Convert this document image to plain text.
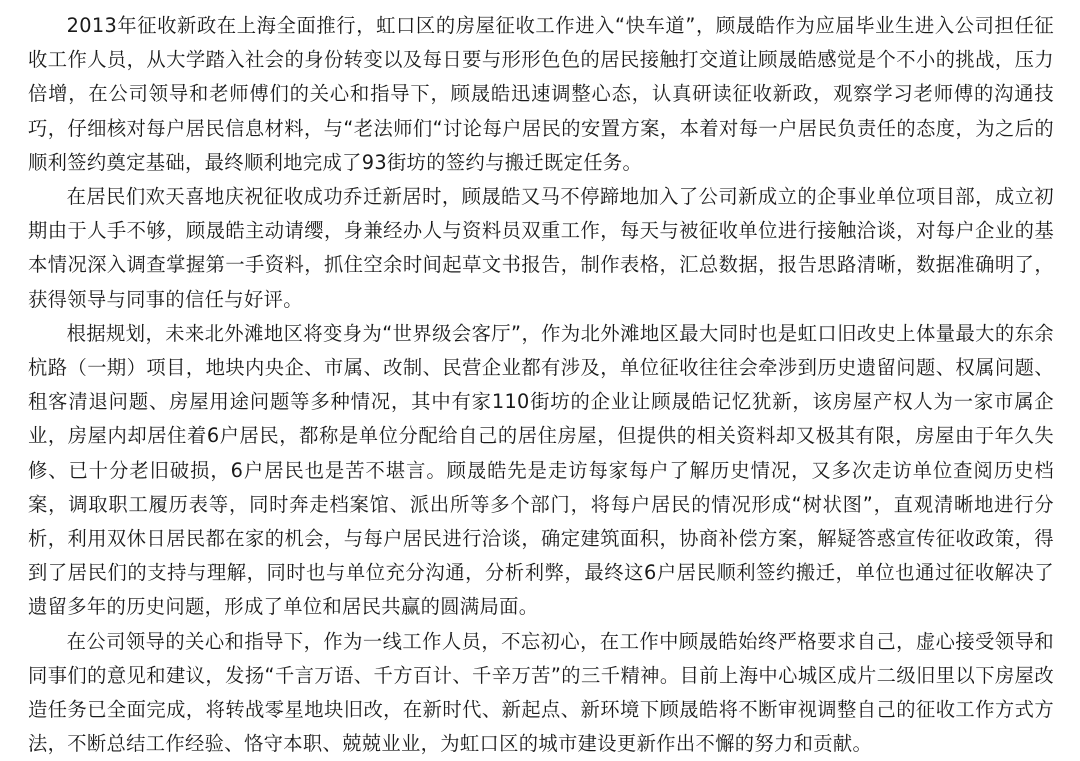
2013年征收新政在上海全面推行，虹口区的房屋征收工作进入“快车道”，顾晟皓作为应届毕业生进入公司担任征收工作人员，从大学踏入社会的身份转变以及每日要与形形色色的居民接触打交道让顾晟皓感觉是个不小的挑战，压力倍增，在公司领导和老师傅们的关心和指导下，顾晟皓迅速调整心态，认真研读征收新政，观察学习老师傅的沟通技巧，仔细核对每户居民信息材料，与“老法师们“讨论每户居民的安置方案，本着对每一户居民负责任的态度，为之后的顺利签约奠定基础，最终顺利地完成了93街坊的签约与搬迁既定任务。

在居民们欢天喜地庆祝征收成功乔迁新居时，顾晟皓又马不停蹄地加入了公司新成立的企事业单位项目部，成立初期由于人手不够，顾晟皓主动请缨，身兼经办人与资料员双重工作，每天与被征收单位进行接触洽谈，对每户企业的基本情况深入调查掌握第一手资料，抓住空余时间起草文书报告，制作表格，汇总数据，报告思路清晰，数据准确明了，获得领导与同事的信任与好评。

根据规划，未来北外滩地区将变身为“世界级会客厅”，作为北外滩地区最大同时也是虹口旧改史上体量最大的东余杭路（一期）项目，地块内央企、市属、改制、民营企业都有涉及，单位征收往往会牵涉到历史遗留问题、权属问题、租客清退问题、房屋用途问题等多种情况，其中有家110街坊的企业让顾晟皓记忆犹新，该房屋产权人为一家市属企业，房屋内却居住着6户居民，都称是单位分配给自己的居住房屋，但提供的相关资料却又极其有限，房屋由于年久失修、已十分老旧破损，6户居民也是苦不堪言。顾晟皓先是走访每家每户了解历史情况，又多次走访单位查阅历史档案，调取职工履历表等，同时奔走档案馆、派出所等多个部门，将每户居民的情况形成“树状图”，直观清晰地进行分析，利用双休日居民都在家的机会，与每户居民进行洽谈，确定建筑面积，协商补偿方案，解疑答惑宣传征收政策，得到了居民们的支持与理解，同时也与单位充分沟通，分析利弊，最终这6户居民顺利签约搬迁，单位也通过征收解决了遗留多年的历史问题，形成了单位和居民共赢的圆满局面。

在公司领导的关心和指导下，作为一线工作人员，不忘初心，在工作中顾晟皓始终严格要求自己，虚心接受领导和同事们的意见和建议，发扬“千言万语、千方百计、千辛万苦”的三千精神。目前上海中心城区成片二级旧里以下房屋改造任务已全面完成，将转战零星地块旧改，在新时代、新起点、新环境下顾晟皓将不断审视调整自己的征收工作方式方法，不断总结工作经验、恪守本职、兢兢业业，为虹口区的城市建设更新作出不懈的努力和贡献。
